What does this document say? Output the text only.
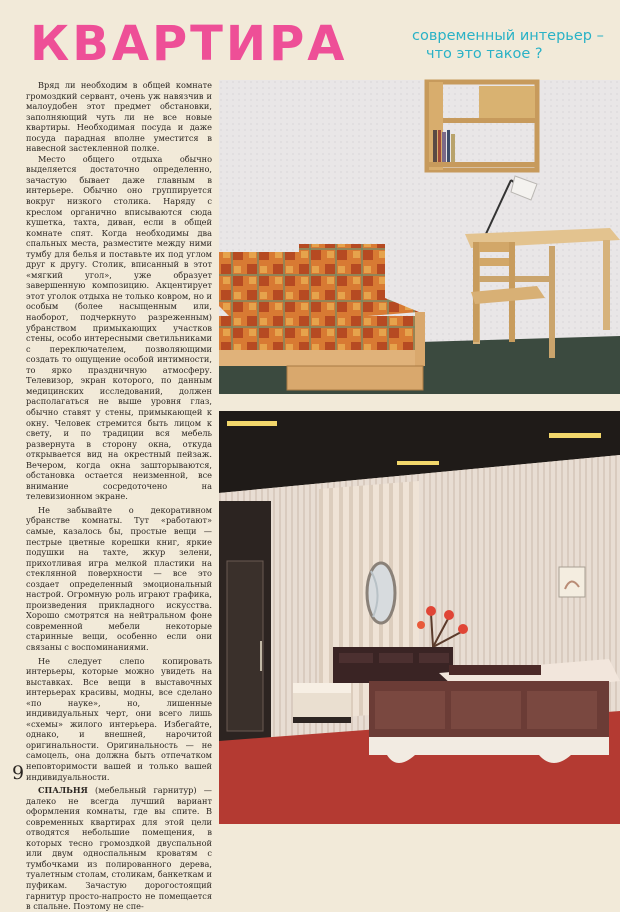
КВАРТИРА	современный интерьер –
что это такое ?

Вряд ли необходим в общей комнате громоздкий сервант, очень уж навязчив и малоудобен этот предмет обстановки, заполняющий чуть ли не все новые квартиры. Необходимая посуда и даже посуда парадная вполне уместится в навесной застекленной полке.

Место общего отдыха обычно выделяется достаточно определенно, зачастую бывает даже главным в интерьере. Обычно оно группируется вокруг низкого столика. Наряду с креслом органично вписываются сюда кушетка, тахта, диван, если в общей комнате спят. Когда необходимы два спальных места, разместите между ними тумбу для белья и поставьте их под углом друг к другу. Столик, вписанный в этот «мягкий угол», уже образует завершенную композицию. Акцентирует этот уголок отдыха не только ковром, но и особым (более насыщенным или, наоборот, подчеркнуто разреженным) убранством примыкающих участков стены, особо интересными светильниками с переключателем, позволяющими создать то ощущение особой интимности, то ярко праздничную атмосферу. Телевизор, экран которого, по данным медицинских исследований, должен располагаться не выше уровня глаз, обычно ставят у стены, примыкающей к окну. Человек стремится быть лицом к свету, и по традиции вся мебель развернута в сторону окна, откуда открывается вид на окрестный пейзаж. Вечером, когда окна зашторываются, обстановка остается неизменной, все внимание сосредоточено на телевизионном экране.

Не забывайте о декоративном убранстве комнаты. Тут «работают» самые, казалось бы, простые вещи — пестрые цветные корешки книг, яркие подушки на тахте, жкур зелени, прихотливая игра мелкой пластики на стеклянной поверхности — все это создает определенный эмоциональный настрой. Огромную роль играют графика, произведения прикладного искусства. Хорошо смотрятся на нейтральном фоне современной мебели некоторые старинные вещи, особенно если они связаны с воспоминаниями.

Не следует слепо копировать интерьеры, которые можно увидеть на выставках. Все вещи в выставочных интерьерах красивы, модны, все сделано «по науке», но, лишенные индивидуальных черт, они всего лишь «схемы» жилого интерьера. Избегайте, однако, и внешней, нарочитой оригинальности. Оригинальность — не самоцель, она должна быть отпечатком неповторимости вашей и только вашей индивидуальности.

СПАЛЬНЯ (мебельный гарнитур) — далеко не всегда лучший вариант оформления комнаты, где вы спите. В современных квартирах для этой цели отводятся небольшие помещения, в которых тесно громоздкой двуспальной или двум односпальным кроватям с тумбочками из полированного дерева, туалетным столам, столикам, банкеткам и пуфикам. Зачастую дорогостоящий гарнитур просто-напросто не помещается в спальне. Поэтому не спе-

9
